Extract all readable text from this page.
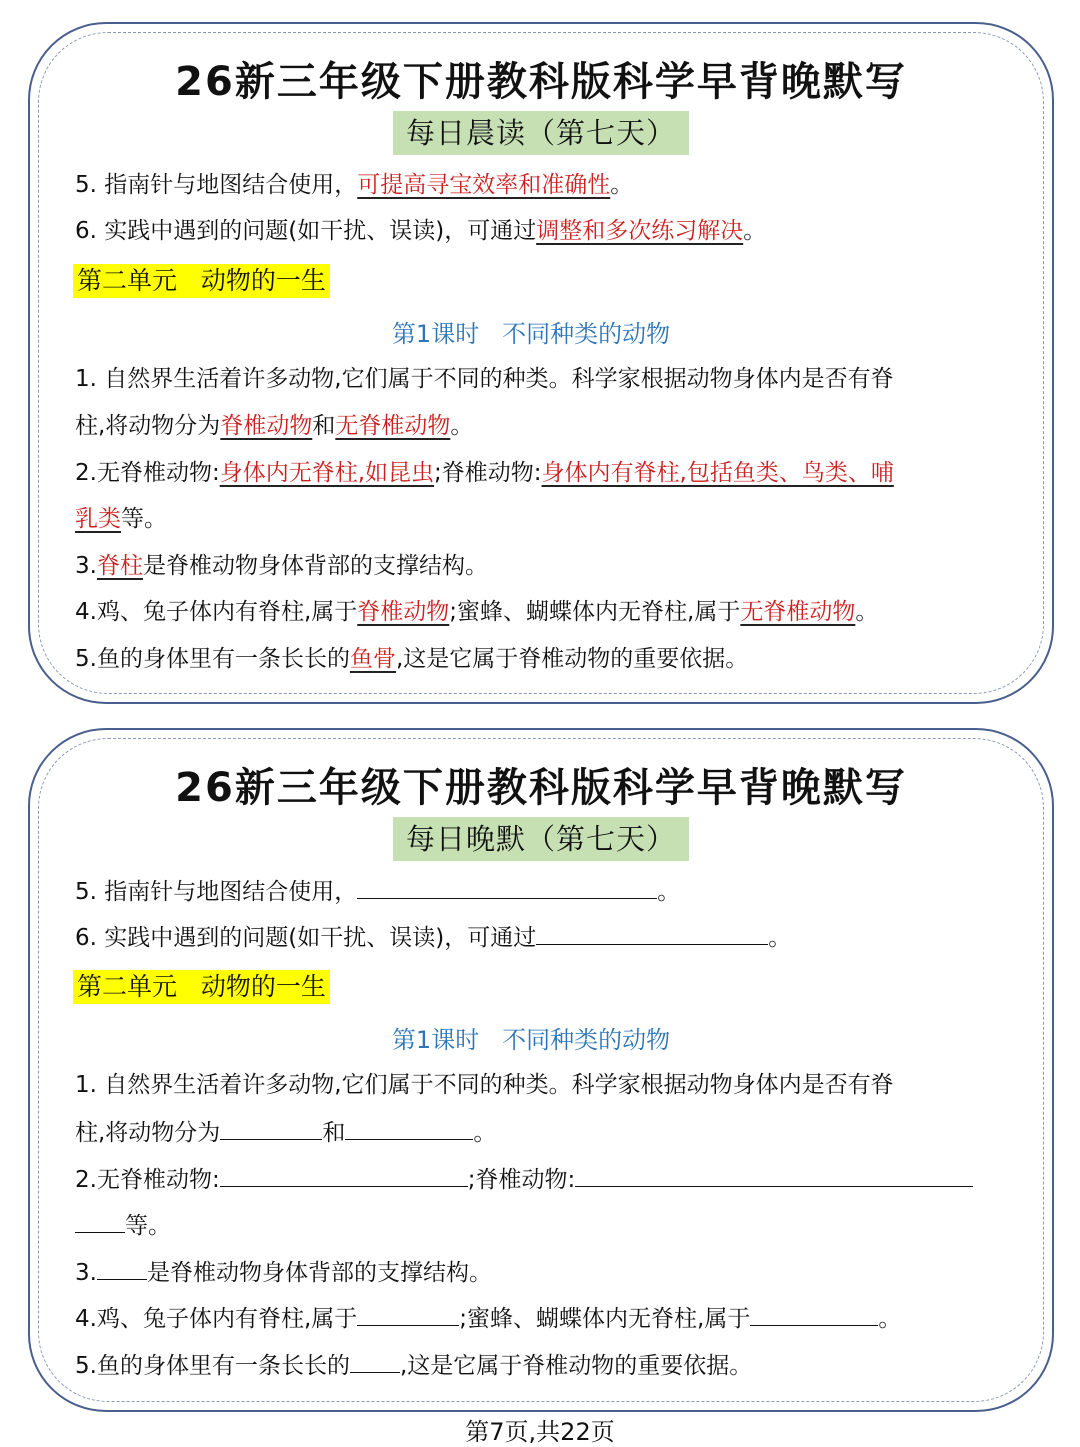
26新三年级下册教科版科学早背晚默写
每日晨读（第七天）
5. 指南针与地图结合使用，可提高寻宝效率和准确性。
6. 实践中遇到的问题(如干扰、误读)，可通过调整和多次练习解决。
第二单元   动物的一生
第1课时   不同种类的动物
1. 自然界生活着许多动物,它们属于不同的种类。科学家根据动物身体内是否有脊
柱,将动物分为脊椎动物和无脊椎动物。
2.无脊椎动物:身体内无脊柱,如昆虫;脊椎动物:身体内有脊柱,包括鱼类、鸟类、哺
乳类等。
3.脊柱是脊椎动物身体背部的支撑结构。
4.鸡、兔子体内有脊柱,属于脊椎动物;蜜蜂、蝴蝶体内无脊柱,属于无脊椎动物。
5.鱼的身体里有一条长长的鱼骨,这是它属于脊椎动物的重要依据。
26新三年级下册教科版科学早背晚默写
每日晚默（第七天）
5. 指南针与地图结合使用，	。
6. 实践中遇到的问题(如干扰、误读)，可通过	。
第二单元   动物的一生
第1课时   不同种类的动物
1. 自然界生活着许多动物,它们属于不同的种类。科学家根据动物身体内是否有脊
柱,将动物分为	和	。
2.无脊椎动物:	;脊椎动物:
等。
3. 是脊椎动物身体背部的支撑结构。
4.鸡、兔子体内有脊柱,属于	;蜜蜂、蝴蝶体内无脊柱,属于	。
5.鱼的身体里有一条长长的 ,这是它属于脊椎动物的重要依据。
第7页,共22页
